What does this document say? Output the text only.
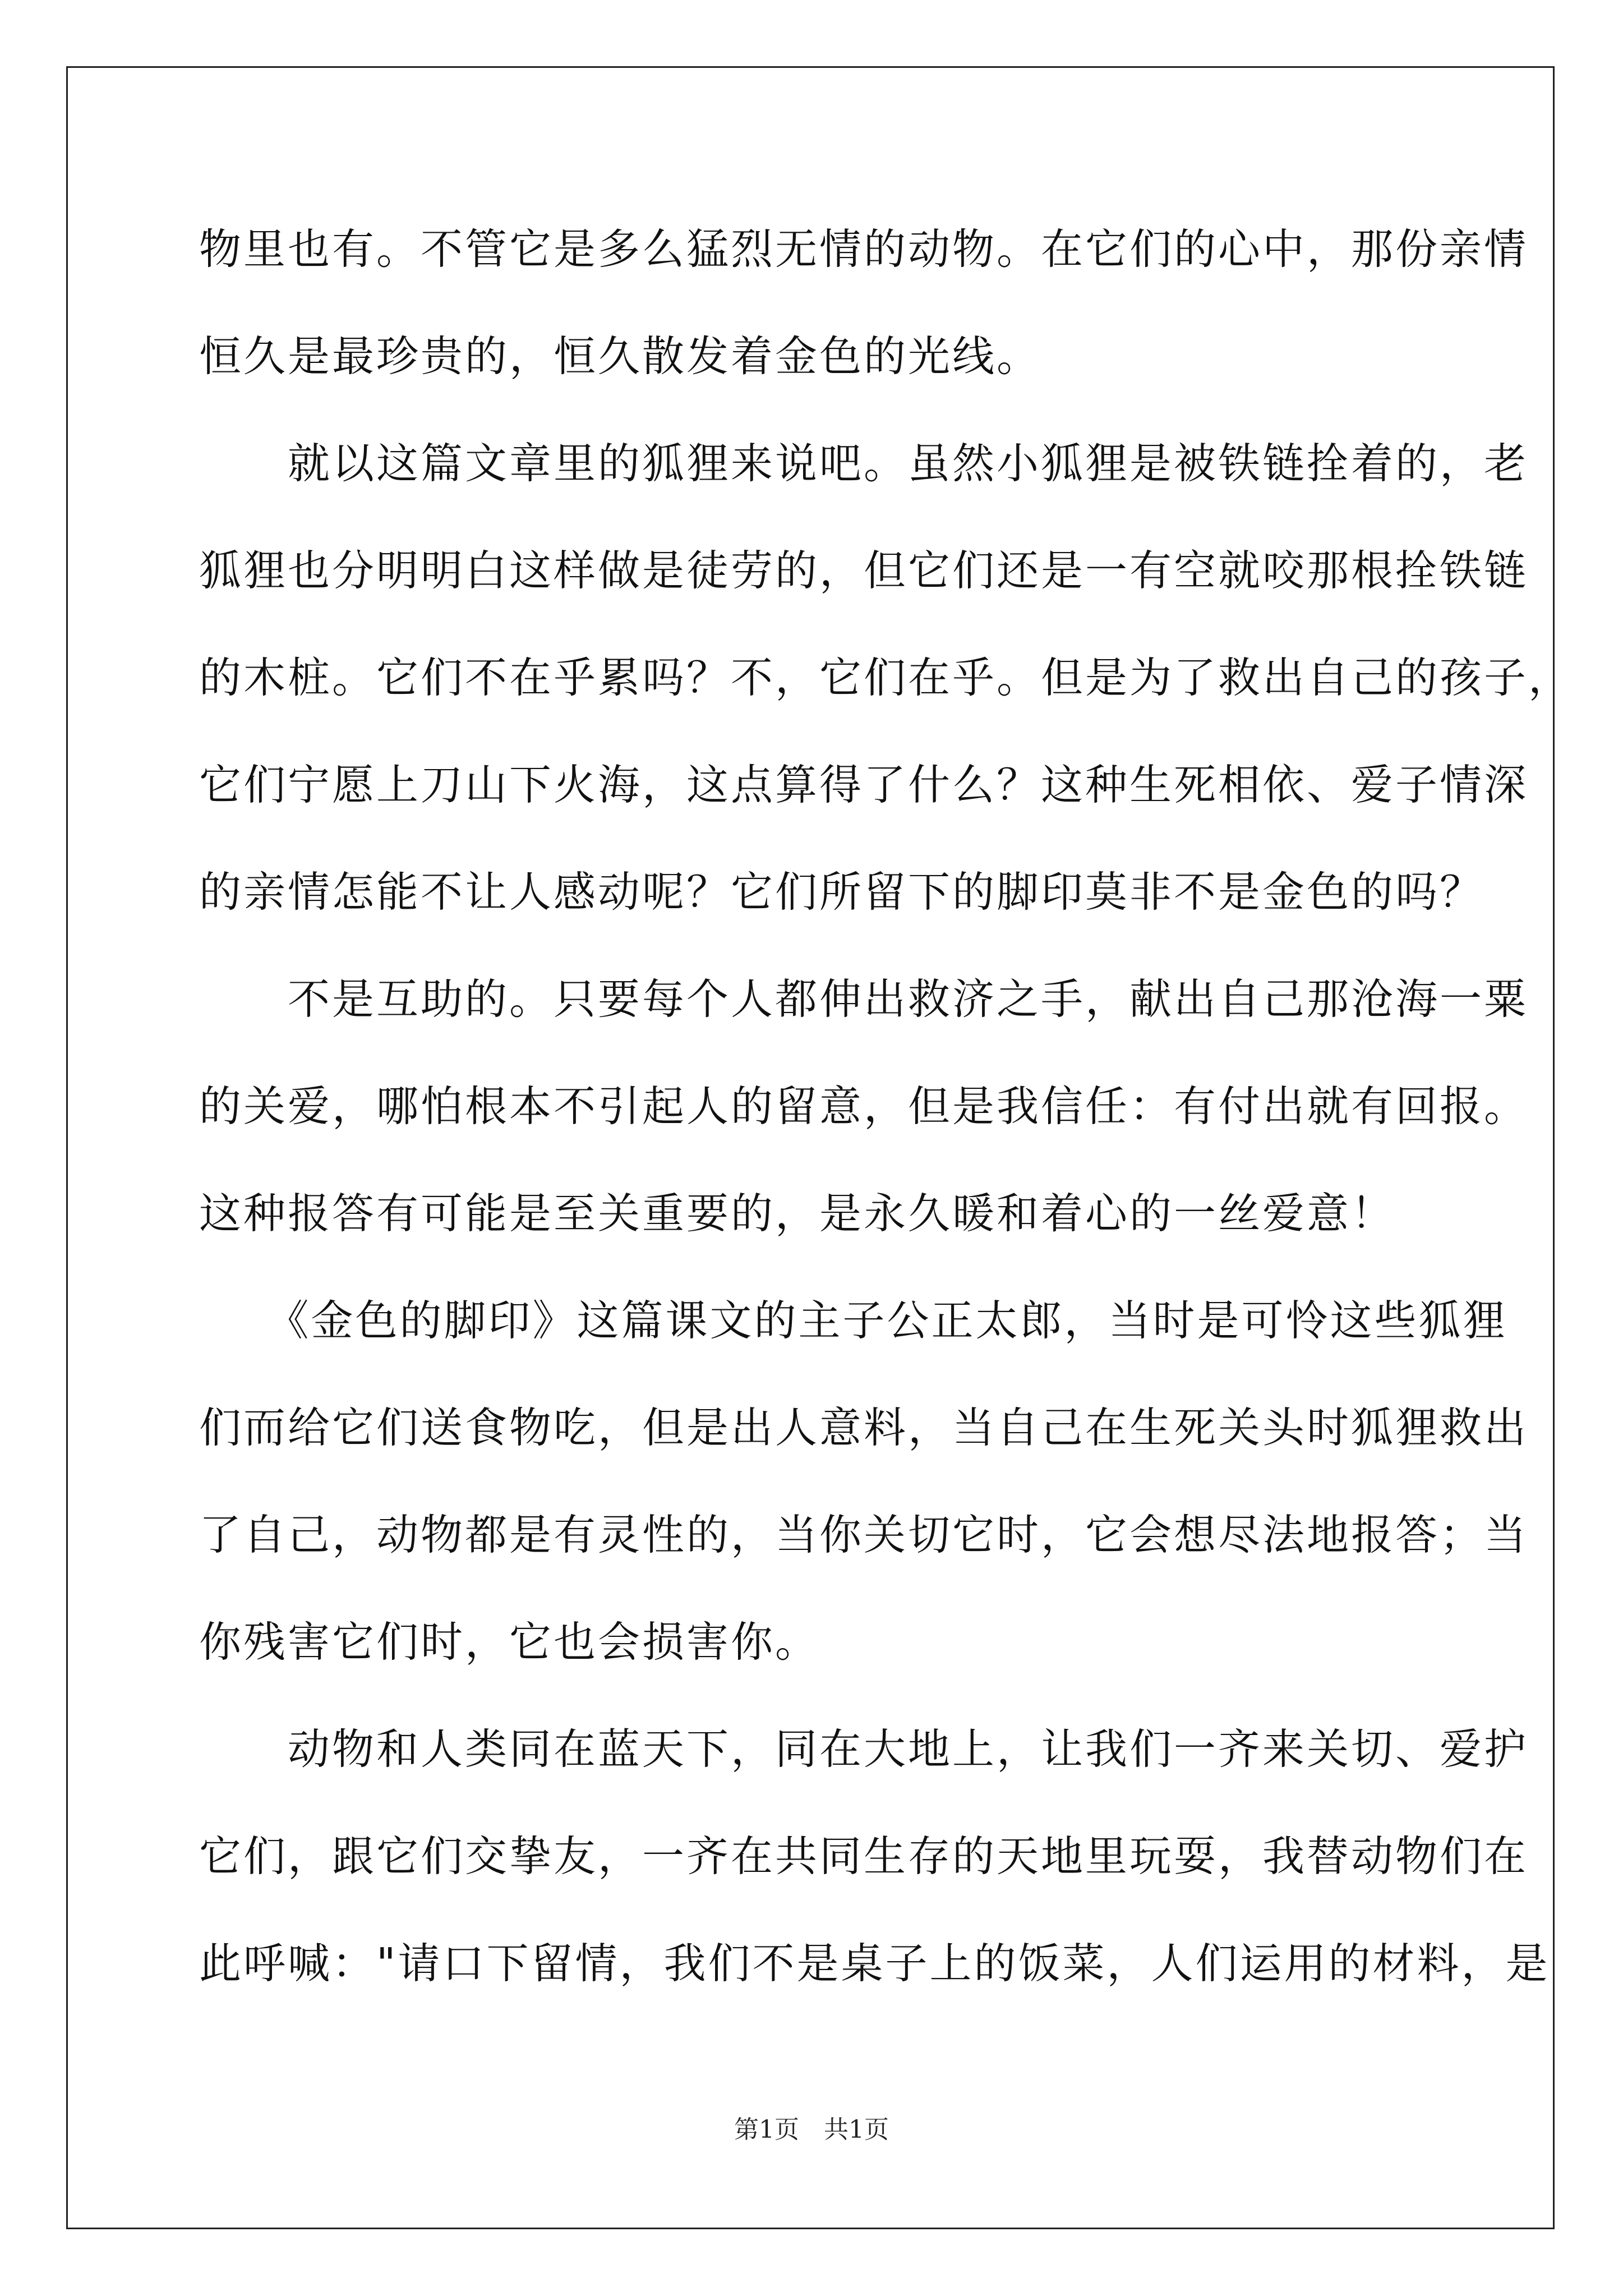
物里也有。不管它是多么猛烈无情的动物。在它们的心中，那份亲情
恒久是最珍贵的，恒久散发着金色的光线。
　　就以这篇文章里的狐狸来说吧。虽然小狐狸是被铁链拴着的，老
狐狸也分明明白这样做是徒劳的，但它们还是一有空就咬那根拴铁链
的木桩。它们不在乎累吗？不，它们在乎。但是为了救出自己的孩子，
它们宁愿上刀山下火海，这点算得了什么？这种生死相依、爱子情深
的亲情怎能不让人感动呢？它们所留下的脚印莫非不是金色的吗？
　　不是互助的。只要每个人都伸出救济之手，献出自己那沧海一粟
的关爱，哪怕根本不引起人的留意，但是我信任：有付出就有回报。
这种报答有可能是至关重要的，是永久暖和着心的一丝爱意！
　　《金色的脚印》这篇课文的主子公正太郎，当时是可怜这些狐狸
们而给它们送食物吃，但是出人意料，当自己在生死关头时狐狸救出
了自己，动物都是有灵性的，当你关切它时，它会想尽法地报答；当
你残害它们时，它也会损害你。
　　动物和人类同在蓝天下，同在大地上，让我们一齐来关切、爱护
它们，跟它们交挚友，一齐在共同生存的天地里玩耍，我替动物们在
此呼喊："请口下留情，我们不是桌子上的饭菜，人们运用的材料，是
第1页　共1页
